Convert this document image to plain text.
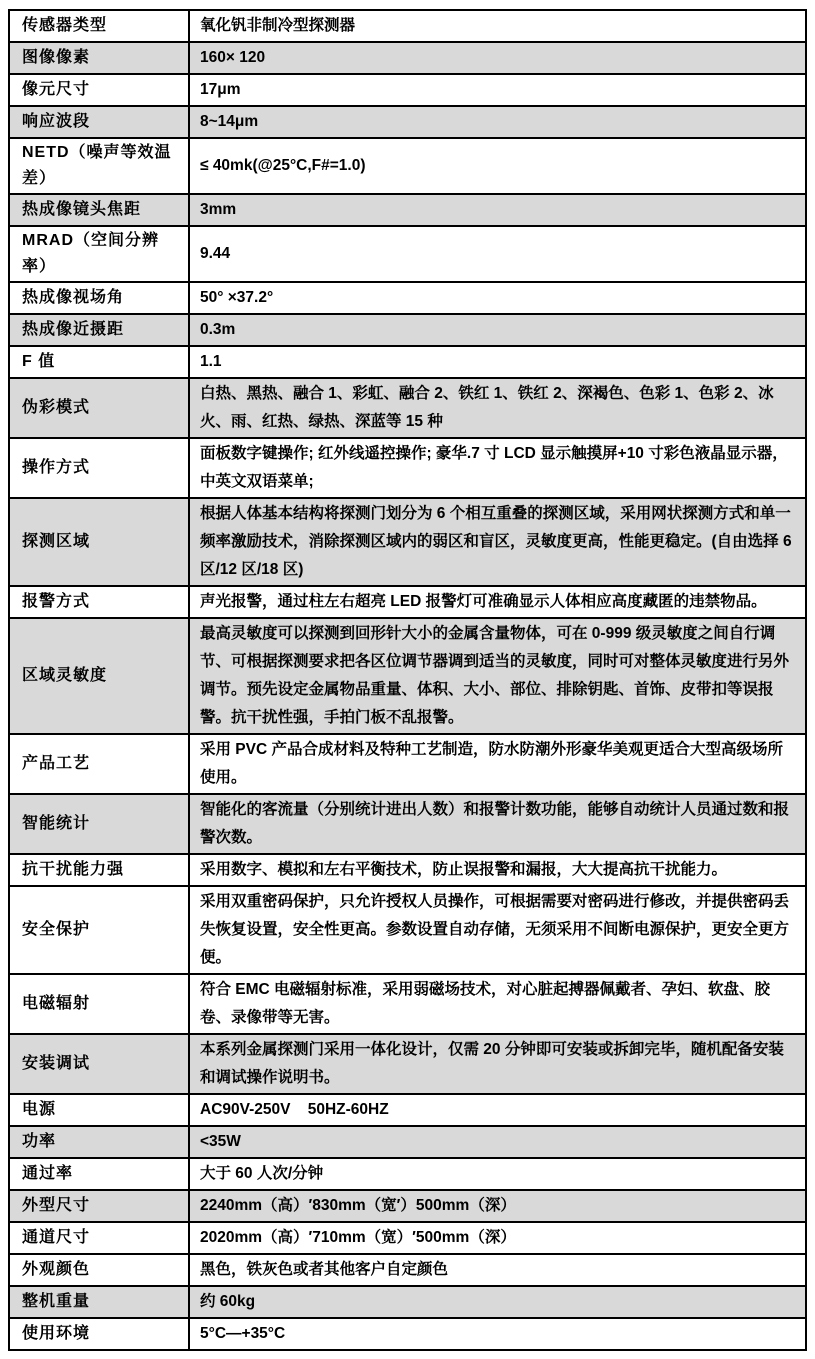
传感器类型	氧化钒非制冷型探测器
图像像素	160× 120
像元尺寸	17μm
响应波段	8~14μm
NETD（噪声等效温差）	≤ 40mk(@25°C,F#=1.0)
热成像镜头焦距	3mm
MRAD（空间分辨率）	9.44
热成像视场角	50° ×37.2°
热成像近摄距	0.3m
F 值	1.1
伪彩模式	白热、黑热、融合 1、彩虹、融合 2、铁红 1、铁红 2、深褐色、色彩 1、色彩 2、冰火、雨、红热、绿热、深蓝等 15 种
操作方式	面板数字键操作; 红外线遥控操作; 豪华.7 寸 LCD 显示触摸屏+10 寸彩色液晶显示器，中英文双语菜单;
探测区域	根据人体基本结构将探测门划分为 6 个相互重叠的探测区域，采用网状探测方式和单一频率激励技术，消除探测区域内的弱区和盲区，灵敏度更高，性能更稳定。(自由选择 6 区/12 区/18 区)
报警方式	声光报警，通过柱左右超亮 LED 报警灯可准确显示人体相应高度藏匿的违禁物品。
区域灵敏度	最高灵敏度可以探测到回形针大小的金属含量物体，可在 0-999 级灵敏度之间自行调节、可根据探测要求把各区位调节器调到适当的灵敏度，同时可对整体灵敏度进行另外调节。预先设定金属物品重量、体积、大小、部位、排除钥匙、首饰、皮带扣等误报警。抗干扰性强，手拍门板不乱报警。
产品工艺	采用 PVC 产品合成材料及特种工艺制造，防水防潮外形豪华美观更适合大型高级场所使用。
智能统计	智能化的客流量（分别统计进出人数）和报警计数功能，能够自动统计人员通过数和报警次数。
抗干扰能力强	采用数字、模拟和左右平衡技术，防止误报警和漏报，大大提高抗干扰能力。
安全保护	采用双重密码保护，只允许授权人员操作，可根据需要对密码进行修改，并提供密码丢失恢复设置，安全性更高。参数设置自动存储，无须采用不间断电源保护，更安全更方便。
电磁辐射	符合 EMC 电磁辐射标准，采用弱磁场技术，对心脏起搏器佩戴者、孕妇、软盘、胶卷、录像带等无害。
安装调试	本系列金属探测门采用一体化设计，仅需 20 分钟即可安装或拆卸完毕，随机配备安装和调试操作说明书。
电源	AC90V-250V    50HZ-60HZ
功率	<35W
通过率	大于 60 人次/分钟
外型尺寸	2240mm（高）′830mm（宽′）500mm（深）
通道尺寸	2020mm（高）′710mm（宽）′500mm（深）
外观颜色	黑色，铁灰色或者其他客户自定颜色
整机重量	约 60kg
使用环境	5°C—+35°C
